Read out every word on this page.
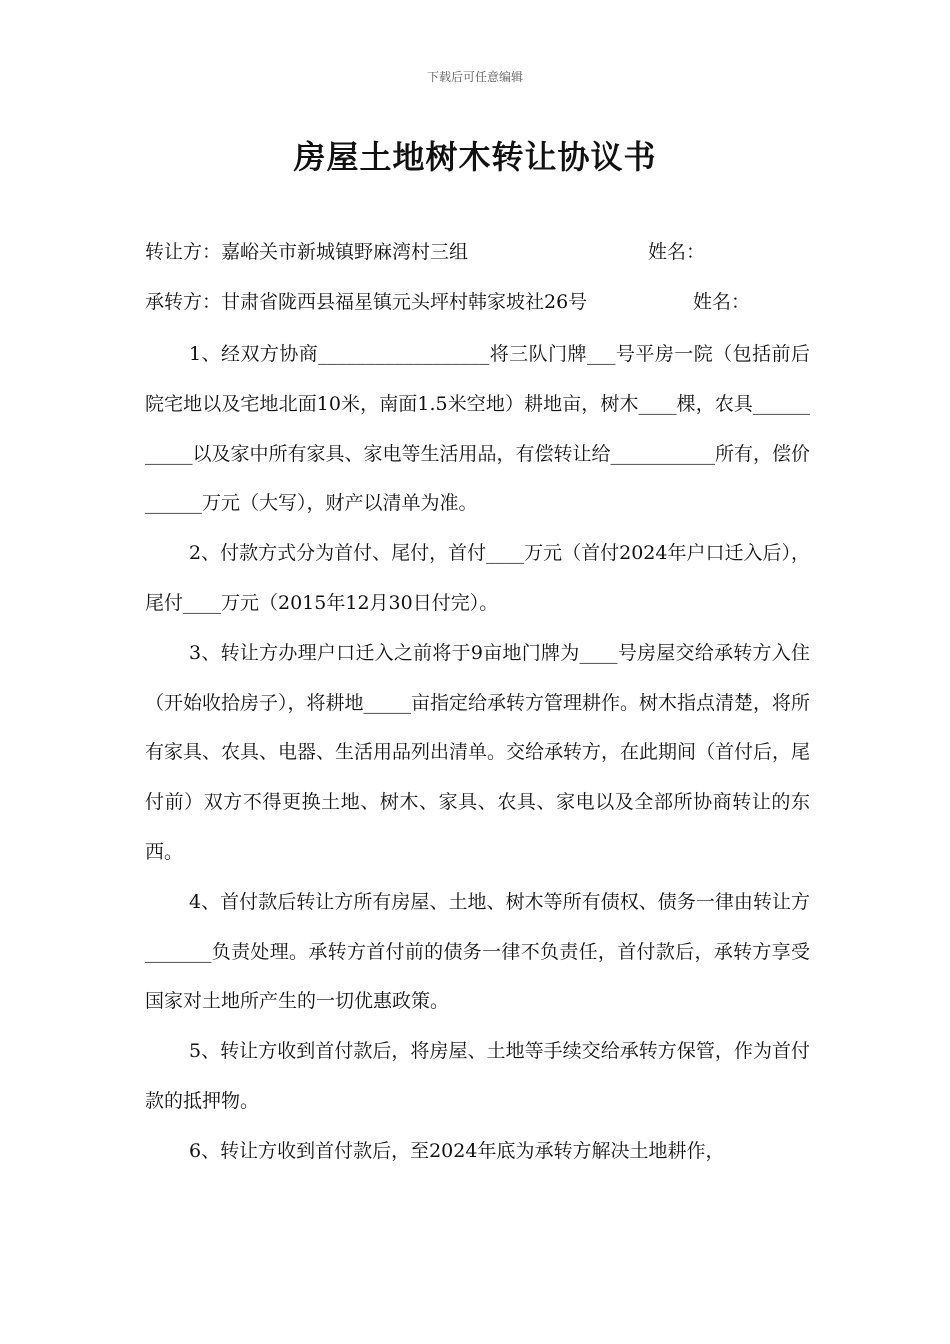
下载后可任意编辑
房屋土地树木转让协议书
转让方：嘉峪关市新城镇野麻湾村三组	姓名：
承转方：甘肃省陇西县福星镇元头坪村韩家坡社26号	姓名：

1、经双方协商__________________将三队门牌___号平房一院（包括前后院宅地以及宅地北面10米，南面1.5米空地）耕地亩，树木____棵，农具___________以及家中所有家具、家电等生活用品，有偿转让给___________所有，偿价______万元（大写），财产以清单为准。

2、付款方式分为首付、尾付，首付____万元（首付2024年户口迁入后），尾付____万元（2015年12月30日付完）。

3、转让方办理户口迁入之前将于9亩地门牌为____号房屋交给承转方入住（开始收拾房子），将耕地_____亩指定给承转方管理耕作。树木指点清楚，将所有家具、农具、电器、生活用品列出清单。交给承转方，在此期间（首付后，尾付前）双方不得更换土地、树木、家具、农具、家电以及全部所协商转让的东西。

4、首付款后转让方所有房屋、土地、树木等所有债权、债务一律由转让方_______负责处理。承转方首付前的债务一律不负责任，首付款后，承转方享受国家对土地所产生的一切优惠政策。

5、转让方收到首付款后，将房屋、土地等手续交给承转方保管，作为首付款的抵押物。

6、转让方收到首付款后，至2024年底为承转方解决土地耕作，
